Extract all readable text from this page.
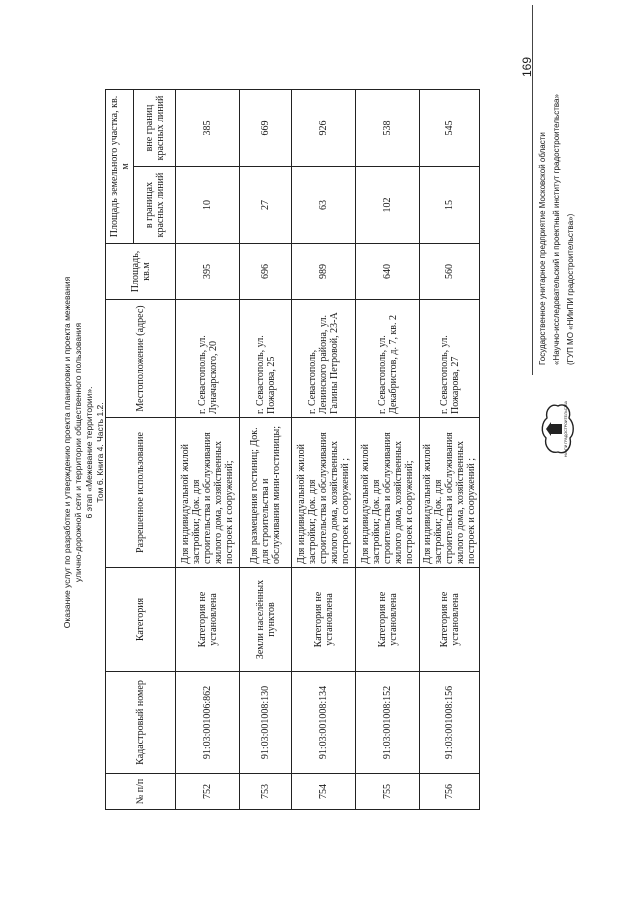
Оказание услуг по разработке и утверждению проекта планировки и проекта межевания улично-дорожной сети и территории общественного пользования 6 этап «Межевание территории». Том 6. Книга 4. Часть 1.2.
№ п/п	Кадастровый номер	Категория	Разрешенное использование	Местоположение (адрес)	Площадь, кв.м	Площадь земельного участка, кв. м	
						в границах красных линий	вне границ красных линий
752	91:03:001006:862	Категория не установлена	Для индивидуальной жилой застройки; Док. для строительства и обслуживания жилого дома, хозяйственных построек и сооружений;	г. Севастополь, ул. Луначарского, 20	395	10	385
753	91:03:001008:130	Земли населённых пунктов	Для размещения гостиниц; Док. для строительства и обслуживания мини-гостиницы;	г. Севастополь, ул. Пожарова, 25	696	27	669
754	91:03:001008:134	Категория не установлена	Для индивидуальной жилой застройки; Док. для строительства и обслуживания жилого дома, хозяйственных построек и сооружений ;	г. Севастополь, Ленинского района, ул. Галины Петровой, 23-А	989	63	926
755	91:03:001008:152	Категория не установлена	Для индивидуальной жилой застройки; Док. для строительства и обслуживания жилого дома, хозяйственных построек и сооружений;	г. Севастополь, ул. Декабристов, д. 7, кв. 2	640	102	538
756	91:03:001008:156	Категория не установлена	Для индивидуальной жилой застройки; Док. для строительства и обслуживания жилого дома, хозяйственных построек и сооружений ;	г. Севастополь, ул. Пожарова, 27	560	15	545
169
Государственное унитарное предприятие Московской области «Научно-исследовательский и проектный институт градостроительства» (ГУП МО «НИиПИ градостроительства»)
НИиПИ ГРАДОСТРОИТЕЛЬСТВА
